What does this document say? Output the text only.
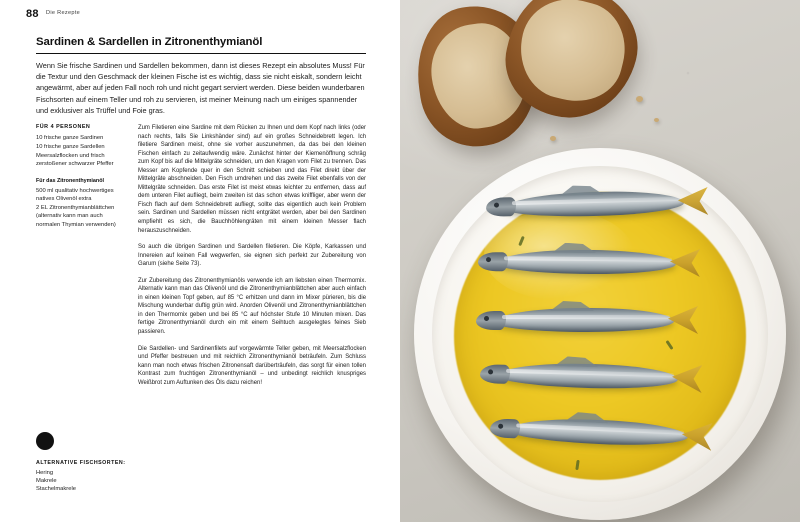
88 Die Rezepte
Sardinen & Sardellen in Zitronenthymianöl
Wenn Sie frische Sardinen und Sardellen bekommen, dann ist dieses Rezept ein absolutes Muss! Für die Textur und den Geschmack der kleinen Fische ist es wichtig, dass sie nicht eiskalt, sondern leicht angewärmt, aber auf jeden Fall noch roh und nicht gegart serviert werden. Diese beiden wunderbaren Fischsorten auf einem Teller und roh zu servieren, ist meiner Meinung nach um einiges spannender und exklusiver als Trüffel und Foie gras.
FÜR 4 PERSONEN
10 frische ganze Sardinen
10 frische ganze Sardellen
Meersalzflocken und frisch zerstoßener schwarzer Pfeffer
Für das Zitronenthymianöl
500 ml qualitativ hochwertiges natives Olivenöl extra
2 EL Zitronenthymianblättchen (alternativ kann man auch normalen Thymian verwenden)

Zum Filetieren eine Sardine mit dem Rücken zu Ihnen und dem Kopf nach links (oder nach rechts, falls Sie Linkshänder sind) auf ein großes Schneidebrett legen. Ich filetiere Sardinen meist, ohne sie vorher auszunehmen, da das bei den kleinen Fischen einfach zu zeitaufwendig wäre. Zunächst hinter der Kiemenöffnung schräg zum Kopf bis auf die Mittelgräte schneiden, um den Kragen vom Filet zu trennen. Das Messer am Kopfende quer in den Schnitt schieben und das Filet direkt über der Mittelgräte abschneiden. Den Fisch umdrehen und das zweite Filet ebenfalls von der Mittelgräte schneiden. Das erste Filet ist meist etwas leichter zu entfernen, dass auf dem unteren Filet aufliegt, beim zweiten ist das schon etwas kniffliger, aber wenn der Fisch flach auf dem Schneidebrett aufliegt, sollte das eigentlich auch kein Problem sein. Sardinen und Sardellen müssen nicht entgrätet werden, aber bei den Sardinen empfiehlt es sich, die Bauchhöhlengräten mit einem kleinen Messer flach herauszuschneiden.

So auch die übrigen Sardinen und Sardellen filetieren. Die Köpfe, Karkassen und Innereien auf keinen Fall wegwerfen, sie eignen sich perfekt zur Zubereitung von Garum (siehe Seite 73).

Zur Zubereitung des Zitronenthymianöls verwende ich am liebsten einen Thermomix. Alternativ kann man das Olivenöl und die Zitronenthymianblättchen aber auch einfach in einen kleinen Topf geben, auf 85 °C erhitzen und dann im Mixer pürieren, bis die Mischung wunderbar duftig grün wird. Anorden Olivenöl und Zitronenthymianblättchen in den Thermomix geben und bei 85 °C auf höchster Stufe 10 Minuten mixen. Das fertige Zitronenthymianöl durch ein mit einem Seihtuch ausgelegtes feines Sieb passieren.

Die Sardellen- und Sardinenfilets auf vorgewärmte Teller geben, mit Meersalzflocken und Pfeffer bestreuen und mit reichlich Zitronenthymianöl beträufeln. Zum Schluss kann man noch etwas frischen Zitronensaft darüberträufeln, das sorgt für einen tollen Kontrast zum fruchtigen Zitronenthymianöl – und unbedingt reichlich knuspriges Weißbrot zum Auftunken des Öls dazu reichen!

ALTERNATIVE FISCHSORTEN:
Hering
Makrele
Stachelmakrele
